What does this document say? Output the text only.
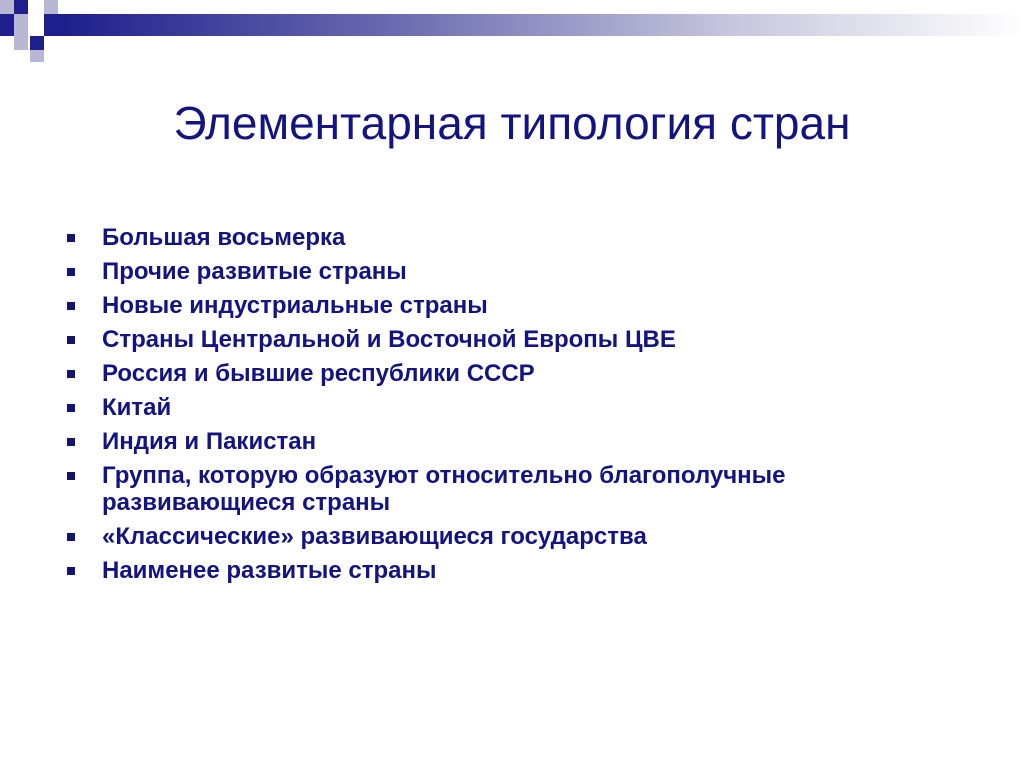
Элементарная типология стран
Большая восьмерка
Прочие развитые страны
Новые индустриальные страны
Страны Центральной и Восточной Европы ЦВЕ
Россия и бывшие республики СССР
Китай
Индия и Пакистан
Группа, которую образуют относительно благополучные развивающиеся страны
«Классические» развивающиеся государства
Наименее развитые страны
